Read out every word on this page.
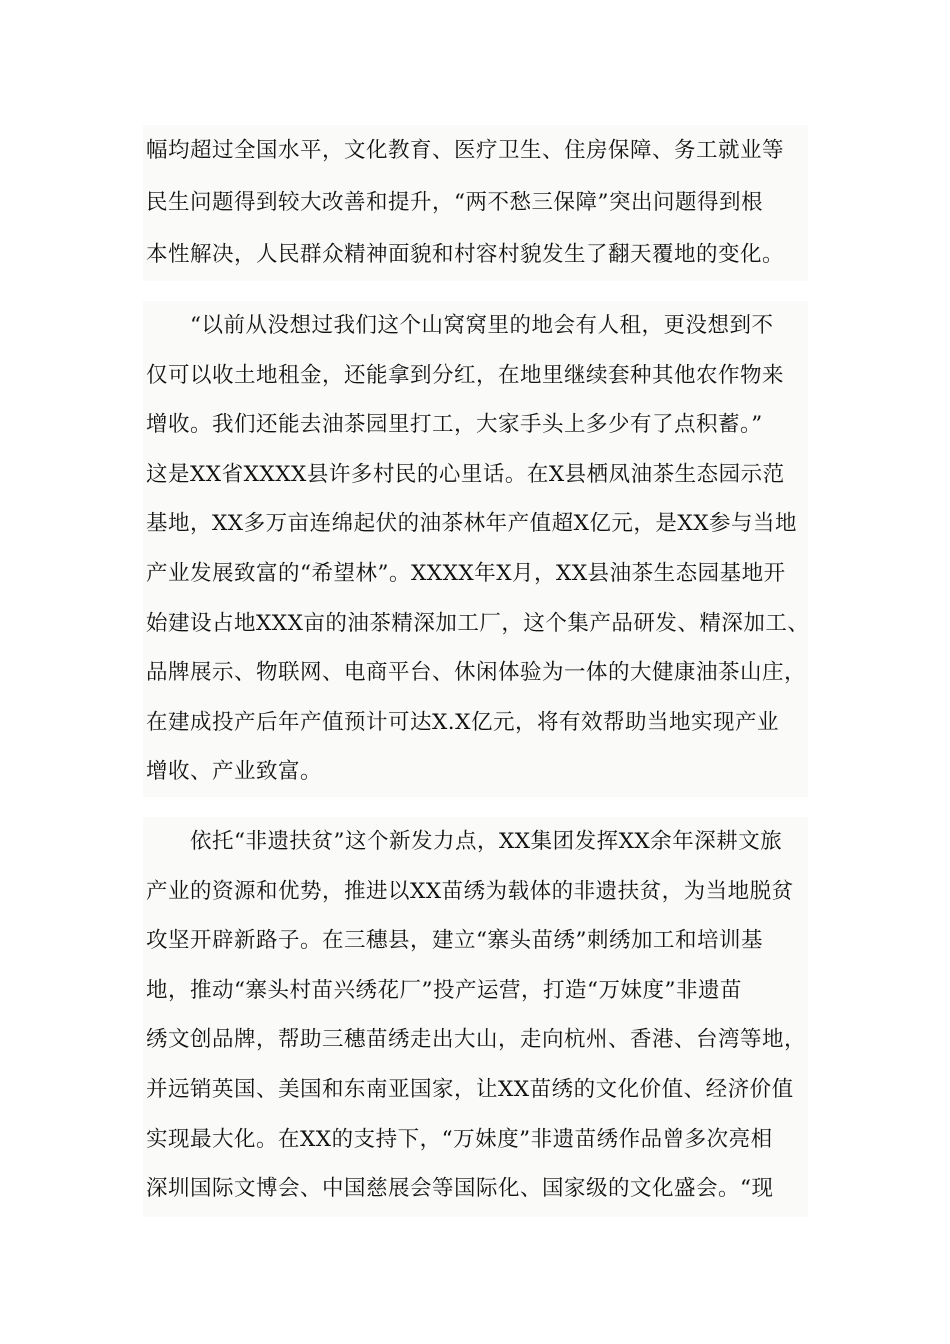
幅均超过全国水平，文化教育、医疗卫生、住房保障、务工就业等
民生问题得到较大改善和提升，“两不愁三保障”突出问题得到根
本性解决，人民群众精神面貌和村容村貌发生了翻天覆地的变化。
　　“以前从没想过我们这个山窝窝里的地会有人租，更没想到不
仅可以收土地租金，还能拿到分红，在地里继续套种其他农作物来
增收。我们还能去油茶园里打工，大家手头上多少有了点积蓄。”
这是XX省XXXX县许多村民的心里话。在X县栖凤油茶生态园示范
基地，XX多万亩连绵起伏的油茶林年产值超X亿元，是XX参与当地
产业发展致富的“希望林”。XXXX年X月，XX县油茶生态园基地开
始建设占地XXX亩的油茶精深加工厂，这个集产品研发、精深加工、
品牌展示、物联网、电商平台、休闲体验为一体的大健康油茶山庄，
在建成投产后年产值预计可达X.X亿元，将有效帮助当地实现产业
增收、产业致富。
　　依托“非遗扶贫”这个新发力点，XX集团发挥XX余年深耕文旅
产业的资源和优势，推进以XX苗绣为载体的非遗扶贫，为当地脱贫
攻坚开辟新路子。在三穗县，建立“寨头苗绣”刺绣加工和培训基
地，推动“寨头村苗兴绣花厂”投产运营，打造“万妹度”非遗苗
绣文创品牌，帮助三穗苗绣走出大山，走向杭州、香港、台湾等地，
并远销英国、美国和东南亚国家，让XX苗绣的文化价值、经济价值
实现最大化。在XX的支持下，“万妹度”非遗苗绣作品曾多次亮相
深圳国际文博会、中国慈展会等国际化、国家级的文化盛会。“现
